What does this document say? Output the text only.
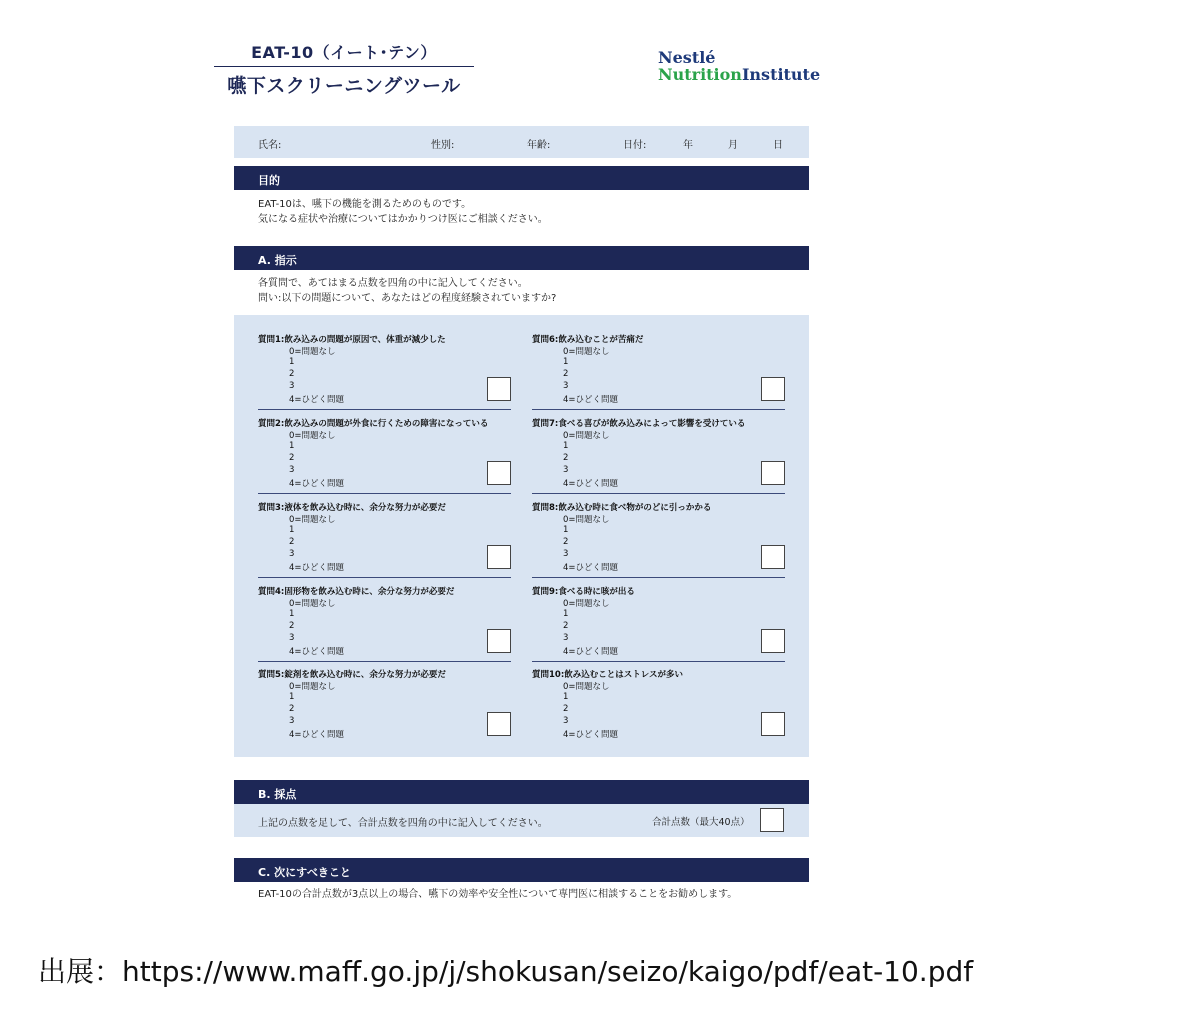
EAT-10（イート･テン）
嚥下スクリーニングツール
Nestlé
NutritionInstitute
氏名:	性別:	年齢:	日付:	年	月	日
目的
EAT-10は、嚥下の機能を測るためのものです。
気になる症状や治療についてはかかりつけ医にご相談ください。
A. 指示
各質問で、あてはまる点数を四角の中に記入してください。
問い:以下の問題について、あなたはどの程度経験されていますか?
質問1:飲み込みの問題が原因で、体重が減少した
0=問題なし
1
2
3
4=ひどく問題
質問2:飲み込みの問題が外食に行くための障害になっている
0=問題なし
1
2
3
4=ひどく問題
質問3:液体を飲み込む時に、余分な努力が必要だ
0=問題なし
1
2
3
4=ひどく問題
質問4:固形物を飲み込む時に、余分な努力が必要だ
0=問題なし
1
2
3
4=ひどく問題
質問5:錠剤を飲み込む時に、余分な努力が必要だ
0=問題なし
1
2
3
4=ひどく問題
質問6:飲み込むことが苦痛だ
0=問題なし
1
2
3
4=ひどく問題
質問7:食べる喜びが飲み込みによって影響を受けている
0=問題なし
1
2
3
4=ひどく問題
質問8:飲み込む時に食べ物がのどに引っかかる
0=問題なし
1
2
3
4=ひどく問題
質問9:食べる時に咳が出る
0=問題なし
1
2
3
4=ひどく問題
質問10:飲み込むことはストレスが多い
0=問題なし
1
2
3
4=ひどく問題
B. 採点
上記の点数を足して、合計点数を四角の中に記入してください。	合計点数（最大40点）
C. 次にすべきこと
EAT-10の合計点数が3点以上の場合、嚥下の効率や安全性について専門医に相談することをお勧めします。
出展：https://www.maff.go.jp/j/shokusan/seizo/kaigo/pdf/eat-10.pdf
